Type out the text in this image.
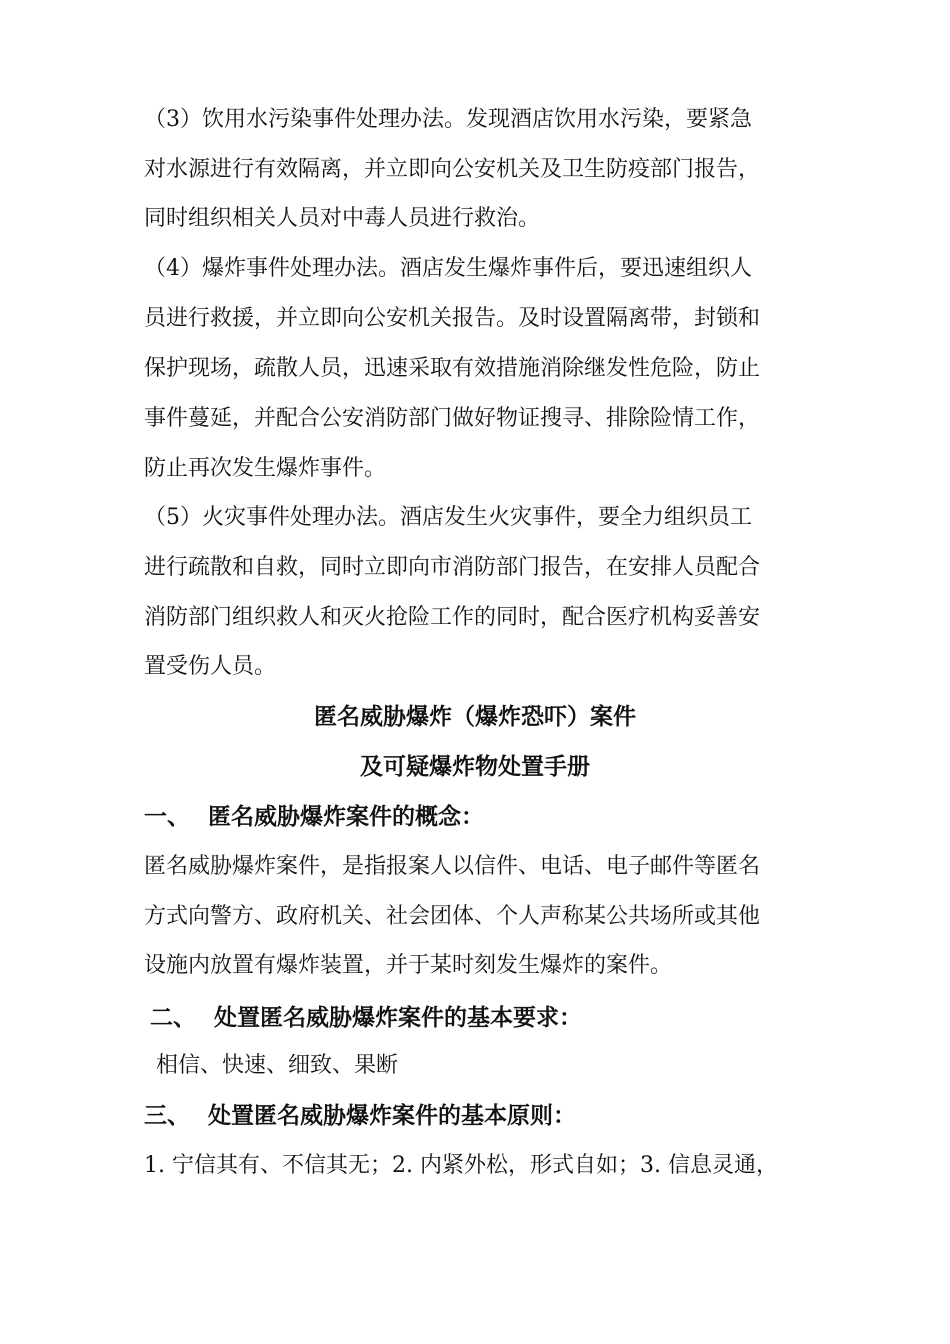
（3）饮用水污染事件处理办法。发现酒店饮用水污染，要紧急
对水源进行有效隔离，并立即向公安机关及卫生防疫部门报告，
同时组织相关人员对中毒人员进行救治。
（4）爆炸事件处理办法。酒店发生爆炸事件后，要迅速组织人
员进行救援，并立即向公安机关报告。及时设置隔离带，封锁和
保护现场，疏散人员，迅速采取有效措施消除继发性危险，防止
事件蔓延，并配合公安消防部门做好物证搜寻、排除险情工作，
防止再次发生爆炸事件。
（5）火灾事件处理办法。酒店发生火灾事件，要全力组织员工
进行疏散和自救，同时立即向市消防部门报告，在安排人员配合
消防部门组织救人和灭火抢险工作的同时，配合医疗机构妥善安
置受伤人员。
匿名威胁爆炸（爆炸恐吓）案件
及可疑爆炸物处置手册
一、 匿名威胁爆炸案件的概念：
匿名威胁爆炸案件，是指报案人以信件、电话、电子邮件等匿名
方式向警方、政府机关、社会团体、个人声称某公共场所或其他
设施内放置有爆炸装置，并于某时刻发生爆炸的案件。
二、 处置匿名威胁爆炸案件的基本要求：
相信、快速、细致、果断
三、 处置匿名威胁爆炸案件的基本原则：
1. 宁信其有、不信其无；2. 内紧外松，形式自如；3. 信息灵通，
